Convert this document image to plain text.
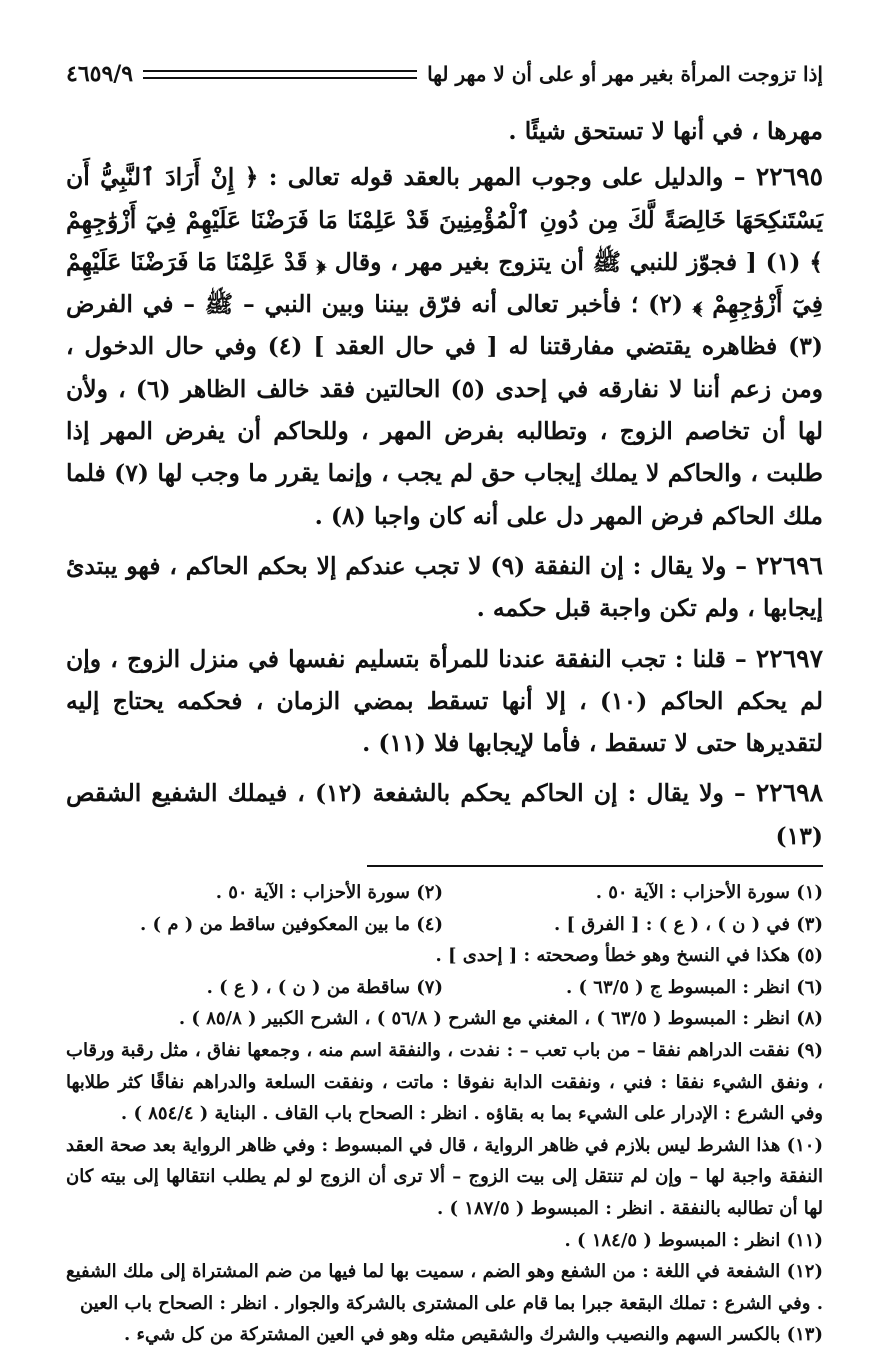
إذا تزوجت المرأة بغير مهر أو على أن لا مهر لها
٤٦٥٩/٩

مهرها ، في أنها لا تستحق شيئًا .

٢٢٦٩٥ – والدليل على وجوب المهر بالعقد قوله تعالى : ﴿ إِنْ أَرَادَ ٱلنَّبِيُّ أَن يَسْتَنكِحَهَا خَالِصَةً لَّكَ مِن دُونِ ٱلْمُؤْمِنِينَ قَدْ عَلِمْنَا مَا فَرَضْنَا عَلَيْهِمْ فِيٓ أَزْوَٰجِهِمْ ﴾ (١) [ فجوّز للنبي ﷺ أن يتزوج بغير مهر ، وقال ﴿ قَدْ عَلِمْنَا مَا فَرَضْنَا عَلَيْهِمْ فِيٓ أَزْوَٰجِهِمْ ﴾ (٢) ؛ فأخبر تعالى أنه فرّق بيننا وبين النبي – ﷺ – في الفرض (٣) فظاهره يقتضي مفارقتنا له [ في حال العقد ] (٤) وفي حال الدخول ، ومن زعم أننا لا نفارقه في إحدى (٥) الحالتين فقد خالف الظاهر (٦) ، ولأن لها أن تخاصم الزوج ، وتطالبه بفرض المهر ، وللحاكم أن يفرض المهر إذا طلبت ، والحاكم لا يملك إيجاب حق لم يجب ، وإنما يقرر ما وجب لها (٧) فلما ملك الحاكم فرض المهر دل على أنه كان واجبا (٨) .

٢٢٦٩٦ – ولا يقال : إن النفقة (٩) لا تجب عندكم إلا بحكم الحاكم ، فهو يبتدئ إيجابها ، ولم تكن واجبة قبل حكمه .

٢٢٦٩٧ – قلنا : تجب النفقة عندنا للمرأة بتسليم نفسها في منزل الزوج ، وإن لم يحكم الحاكم (١٠) ، إلا أنها تسقط بمضي الزمان ، فحكمه يحتاج إليه لتقديرها حتى لا تسقط ، فأما لإيجابها فلا (١١) .

٢٢٦٩٨ – ولا يقال : إن الحاكم يحكم بالشفعة (١٢) ، فيملك الشفيع الشقص (١٣)

(١) سورة الأحزاب : الآية ٥٠ .
(٢) سورة الأحزاب : الآية ٥٠ .
(٣) في ( ن ) ، ( ع ) : [ الفرق ] .
(٤) ما بين المعكوفين ساقط من ( م ) .
(٥) هكذا في النسخ وهو خطأ وصححته : [ إحدى ] .
(٦) انظر : المبسوط ج ( ٦٣/٥ ) .
(٧) ساقطة من ( ن ) ، ( ع ) .
(٨) انظر : المبسوط ( ٦٣/٥ ) ، المغني مع الشرح ( ٥٦/٨ ) ، الشرح الكبير ( ٨٥/٨ ) .
(٩) نفقت الدراهم نفقا – من باب تعب – : نفدت ، والنفقة اسم منه ، وجمعها نفاق ، مثل رقبة ورقاب ، ونفق الشيء نفقا : فني ، ونفقت الدابة نفوقا : ماتت ، ونفقت السلعة والدراهم نفاقًا كثر طلابها وفي الشرع : الإدرار على الشيء بما به بقاؤه . انظر : الصحاح باب القاف . البناية ( ٨٥٤/٤ ) .
(١٠) هذا الشرط ليس بلازم في ظاهر الرواية ، قال في المبسوط : وفي ظاهر الرواية بعد صحة العقد النفقة واجبة لها – وإن لم تنتقل إلى بيت الزوج – ألا ترى أن الزوج لو لم يطلب انتقالها إلى بيته كان لها أن تطالبه بالنفقة . انظر : المبسوط ( ١٨٧/٥ ) .
(١١) انظر : المبسوط ( ١٨٤/٥ ) .
(١٢) الشفعة في اللغة : من الشفع وهو الضم ، سميت بها لما فيها من ضم المشتراة إلى ملك الشفيع . وفي الشرع : تملك البقعة جبرا بما قام على المشترى بالشركة والجوار . انظر : الصحاح باب العين
(١٣) بالكسر السهم والنصيب والشرك والشقيص مثله وهو في العين المشتركة من كل شيء .
